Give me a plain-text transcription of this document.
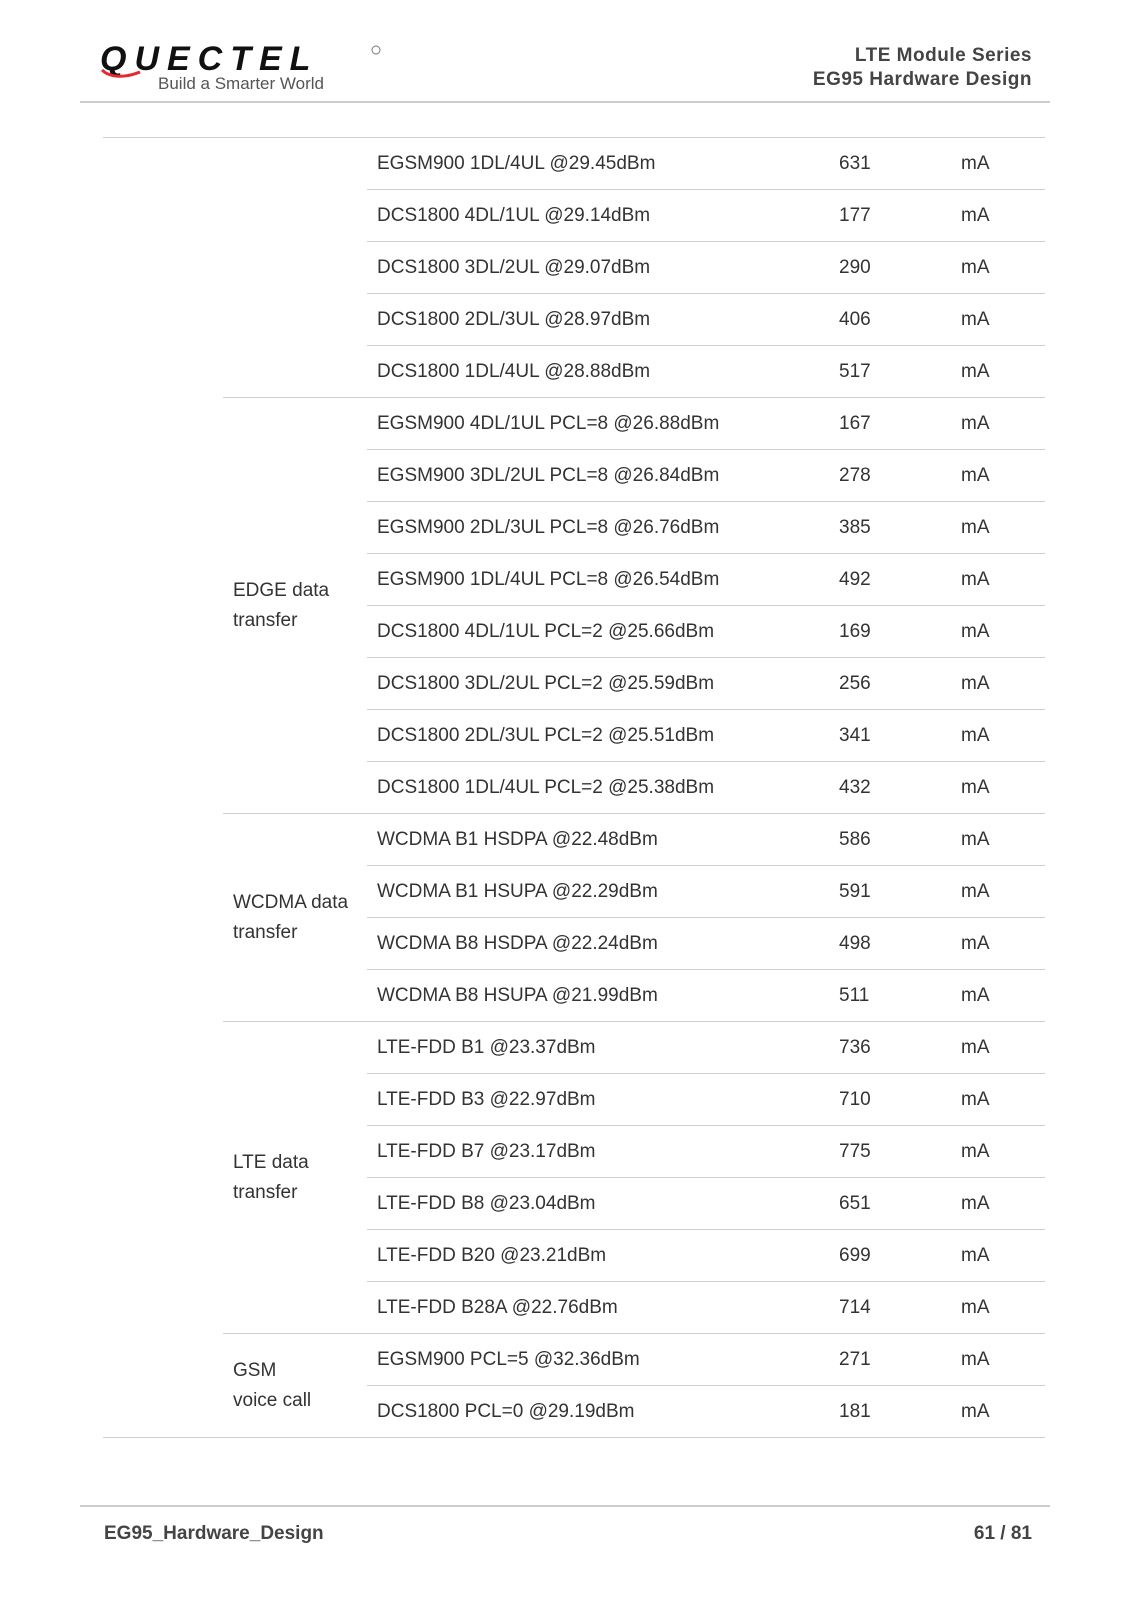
QUECTEL
Build a Smarter World
LTE Module Series
EG95 Hardware Design
		EGSM900 1DL/4UL @29.45dBm	631	mA
		DCS1800 4DL/1UL @29.14dBm	177	mA
		DCS1800 3DL/2UL @29.07dBm	290	mA
		DCS1800 2DL/3UL @28.97dBm	406	mA
		DCS1800 1DL/4UL @28.88dBm	517	mA

	EDGE data
transfer	EGSM900 4DL/1UL PCL=8 @26.88dBm	167	mA
		EGSM900 3DL/2UL PCL=8 @26.84dBm	278	mA
		EGSM900 2DL/3UL PCL=8 @26.76dBm	385	mA
		EGSM900 1DL/4UL PCL=8 @26.54dBm	492	mA
		DCS1800 4DL/1UL PCL=2 @25.66dBm	169	mA
		DCS1800 3DL/2UL PCL=2 @25.59dBm	256	mA
		DCS1800 2DL/3UL PCL=2 @25.51dBm	341	mA
		DCS1800 1DL/4UL PCL=2 @25.38dBm	432	mA

	WCDMA data
transfer	WCDMA B1 HSDPA @22.48dBm	586	mA
		WCDMA B1 HSUPA @22.29dBm	591	mA
		WCDMA B8 HSDPA @22.24dBm	498	mA
		WCDMA B8 HSUPA @21.99dBm	511	mA

	LTE data
transfer	LTE-FDD B1 @23.37dBm	736	mA
		LTE-FDD B3 @22.97dBm	710	mA
		LTE-FDD B7 @23.17dBm	775	mA
		LTE-FDD B8 @23.04dBm	651	mA
		LTE-FDD B20 @23.21dBm	699	mA
		LTE-FDD B28A @22.76dBm	714	mA

	GSM
voice call	EGSM900 PCL=5 @32.36dBm	271	mA
		DCS1800 PCL=0 @29.19dBm	181	mA
EG95_Hardware_Design	61 / 81
